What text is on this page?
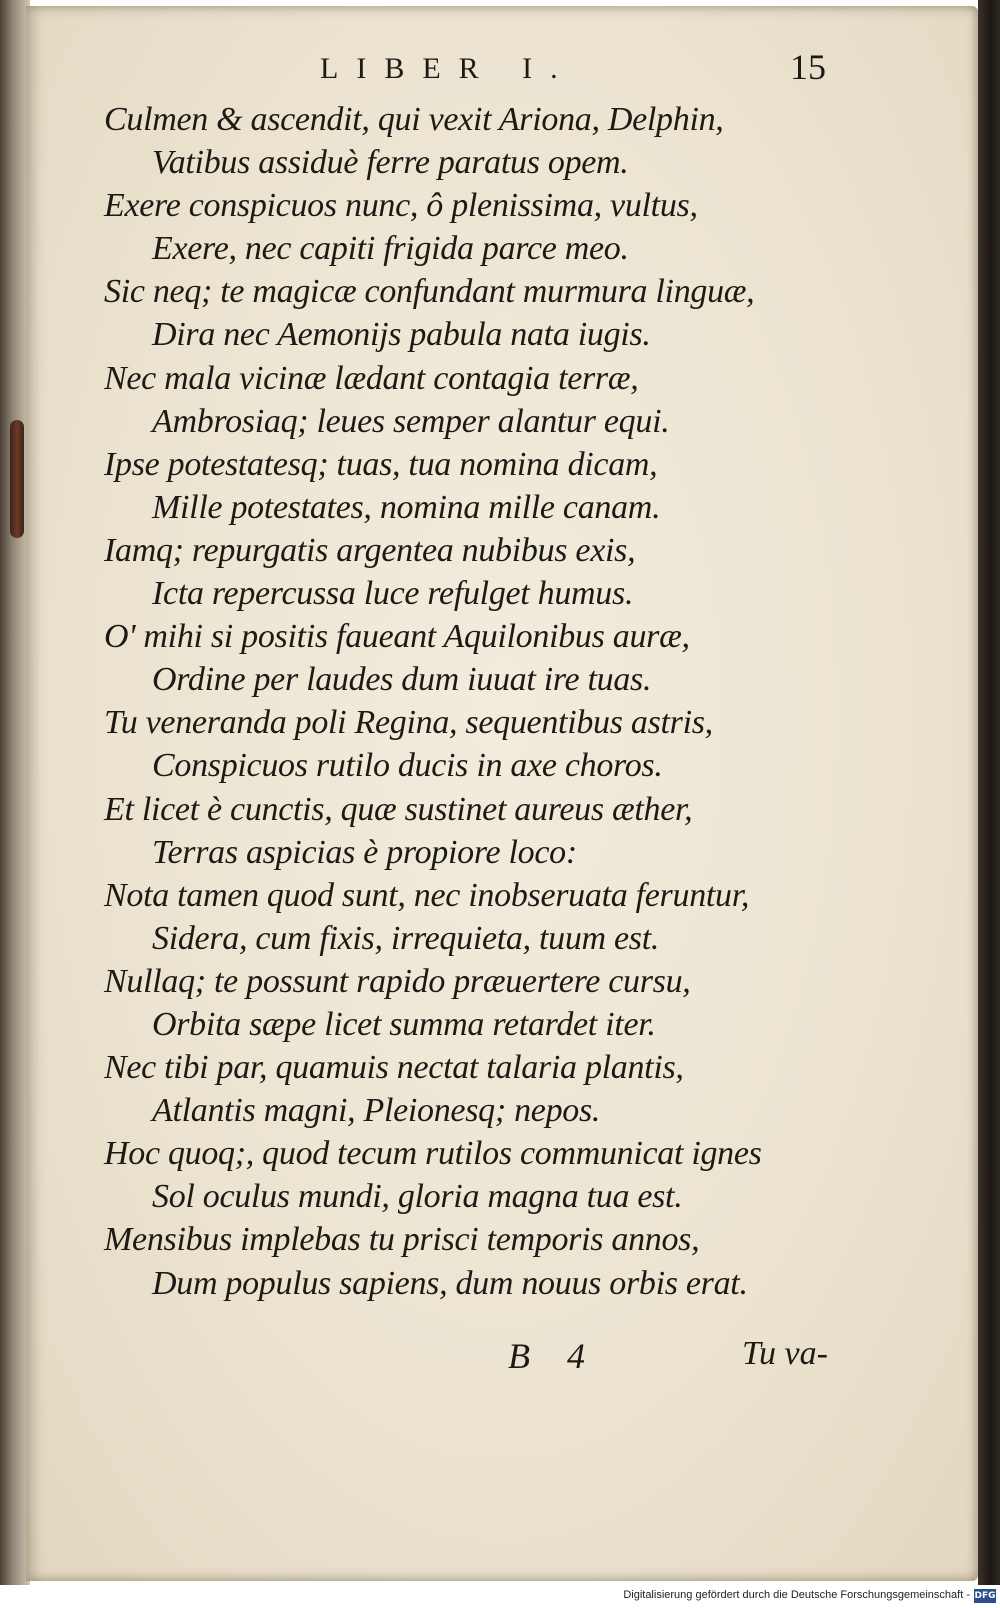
LIBER I.	15
Culmen & ascendit, qui vexit Ariona, Delphin,
Vatibus assiduè ferre paratus opem.
Exere conspicuos nunc, ô plenissima, vultus,
Exere, nec capiti frigida parce meo.
Sic neq; te magicæ confundant murmura linguæ,
Dira nec Aemonijs pabula nata iugis.
Nec mala vicinæ lædant contagia terræ,
Ambrosiaq; leues semper alantur equi.
Ipse potestatesq; tuas, tua nomina dicam,
Mille potestates, nomina mille canam.
Iamq; repurgatis argentea nubibus exis,
Icta repercussa luce refulget humus.
O' mihi si positis faueant Aquilonibus auræ,
Ordine per laudes dum iuuat ire tuas.
Tu veneranda poli Regina, sequentibus astris,
Conspicuos rutilo ducis in axe choros.
Et licet è cunctis, quæ sustinet aureus æther,
Terras aspicias è propiore loco:
Nota tamen quod sunt, nec inobseruata feruntur,
Sidera, cum fixis, irrequieta, tuum est.
Nullaq; te possunt rapido præuertere cursu,
Orbita sæpe licet summa retardet iter.
Nec tibi par, quamuis nectat talaria plantis,
Atlantis magni, Pleionesq; nepos.
Hoc quoq;, quod tecum rutilos communicat ignes
Sol oculus mundi, gloria magna tua est.
Mensibus implebas tu prisci temporis annos,
Dum populus sapiens, dum nouus orbis erat.
B 4	Tu va-
Digitalisierung gefördert durch die Deutsche Forschungsgemeinschaft - DFG
